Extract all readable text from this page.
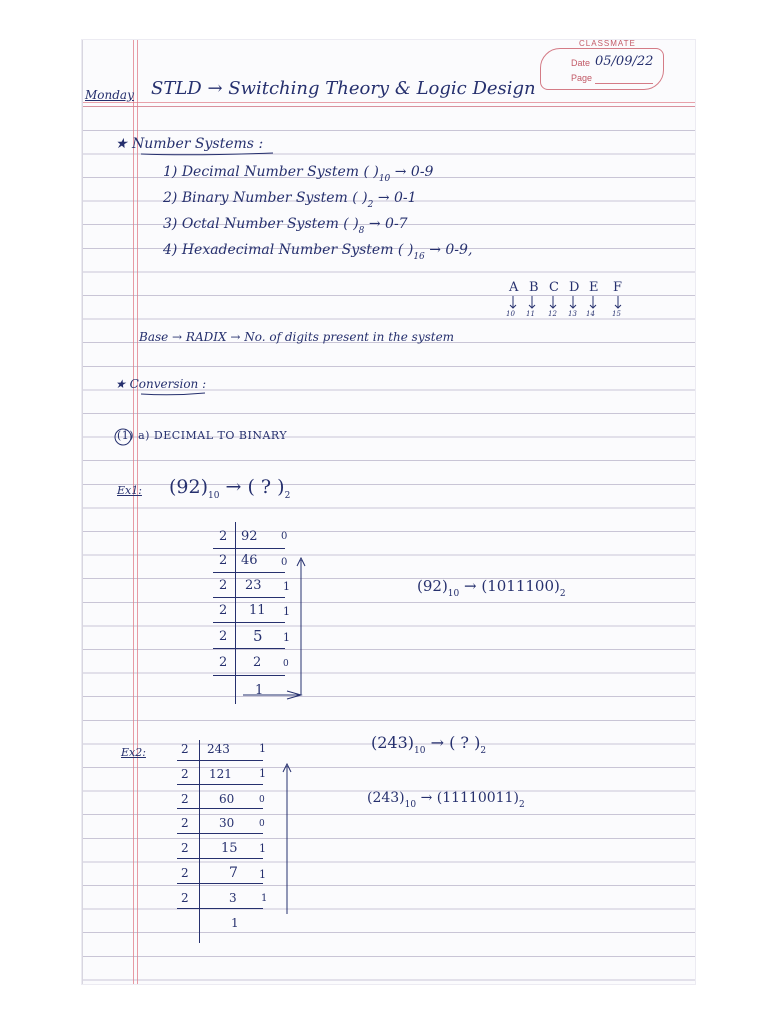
CLASSMATE
Date 05/09/22
Page
Monday STLD → Switching Theory & Logic Design
★ Number Systems :
1) Decimal Number System ( )$_{10} \to 0-9$
2) Binary Number System ( )$_2 \to 0-1$
3) Octal Number System ( )$_8 \to 0-7$
4) Hexadecimal Number System ( )$_{16} \to 0-9$,
A B C D E F
10 11 12 13 14 15
Base → RADIX → No. of digits present in the system
★ Conversion :
(1) a) DECIMAL TO BINARY
Ex1: $(92)_{10}$ → ( ? )$_2$
2 92 0
2 46 0
2 23 1
2 11 1
2 5 1
2 2 0
1
$(92)_{10} \to (1011100)_2$
Ex2:	2 243	1
2 121 1
2	60	0
2	30	0
2 15 1
2	7 1
2	3 1
1
$(243)_{10}$ → ( ? )$_2$
$(243)_{10} \to (11110011)_2$
